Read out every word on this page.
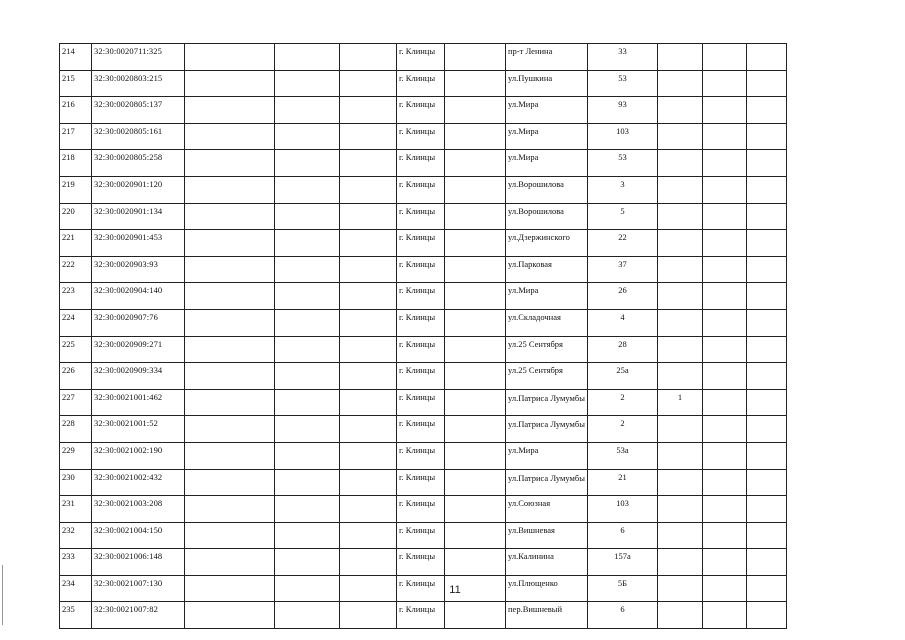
214	32:30:0020711:325				г. Клинцы		пр-т Ленина	33			
215	32:30:0020803:215				г. Клинцы		ул.Пушкина	53			
216	32:30:0020805:137				г. Клинцы		ул.Мира	93			
217	32:30:0020805:161				г. Клинцы		ул.Мира	103			
218	32:30:0020805:258				г. Клинцы		ул.Мира	53			
219	32:30:0020901:120				г. Клинцы		ул.Ворошилова	3			
220	32:30:0020901:134				г. Клинцы		ул.Ворошилова	5			
221	32:30:0020901:453				г. Клинцы		ул.Дзержинского	22			
222	32:30:0020903:93				г. Клинцы		ул.Парковая	37			
223	32:30:0020904:140				г. Клинцы		ул.Мира	26			
224	32:30:0020907:76				г. Клинцы		ул.Складочная	4			
225	32:30:0020909:271				г. Клинцы		ул.25 Сентября	28			
226	32:30:0020909:334				г. Клинцы		ул.25 Сентября	25а			
227	32:30:0021001:462				г. Клинцы		ул.Патриса Лумумбы	2	1		
228	32:30:0021001:52				г. Клинцы		ул.Патриса Лумумбы	2			
229	32:30:0021002:190				г. Клинцы		ул.Мира	53а			
230	32:30:0021002:432				г. Клинцы		ул.Патриса Лумумбы	21			
231	32:30:0021003:208				г. Клинцы		ул.Союзная	103			
232	32:30:0021004:150				г. Клинцы		ул.Вишневая	6			
233	32:30:0021006:148				г. Клинцы		ул.Калинина	157а			
234	32:30:0021007:130				г. Клинцы		ул.Плющенко	5Б			
235	32:30:0021007:82				г. Клинцы		пер.Вишневый	6			
11
